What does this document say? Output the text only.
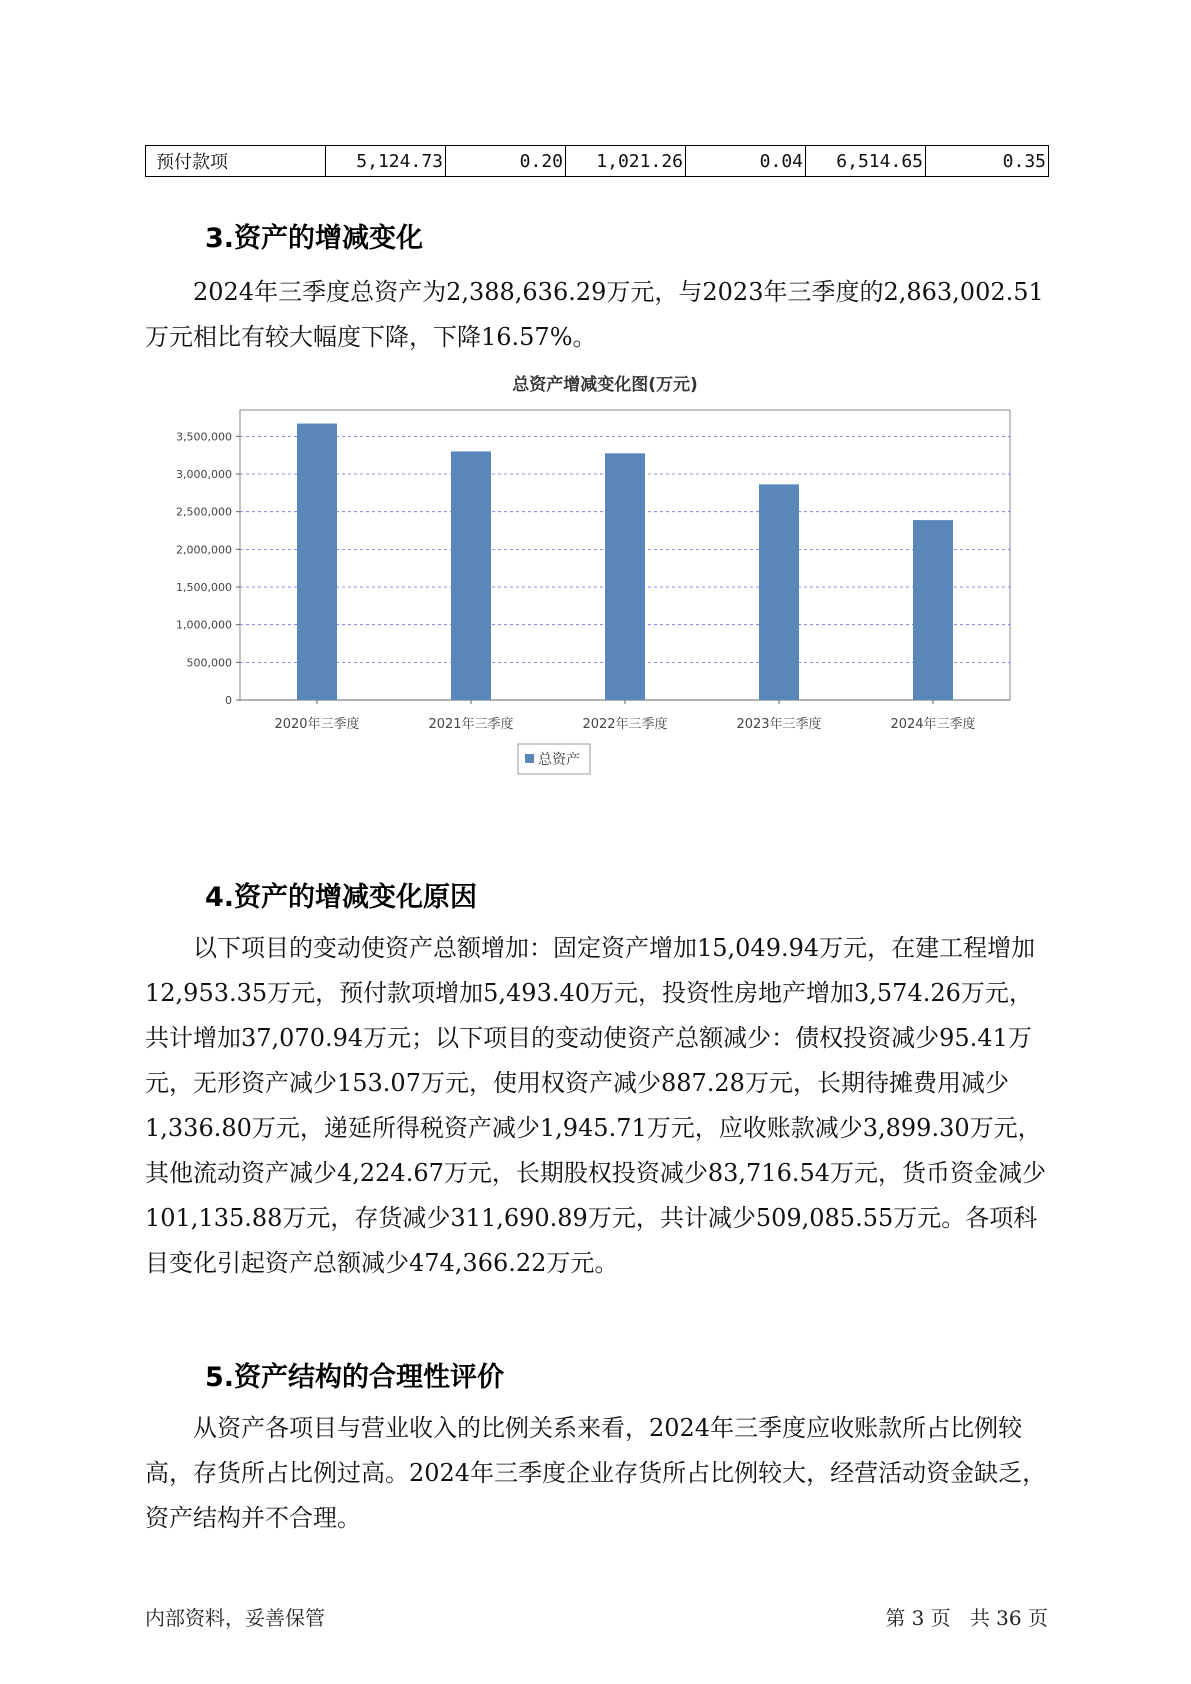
预付款项	5,124.73	0.20	1,021.26	0.04	6,514.65	0.35
3.资产的增减变化

2024年三季度总资产为2,388,636.29万元，与2023年三季度的2,863,002.51万元相比有较大幅度下降，下降16.57%。

总资产增减变化图(万元)
0
500,000
1,000,000
1,500,000
2,000,000
2,500,000
3,000,000
3,500,000
2020年三季度	2021年三季度	2022年三季度	2023年三季度	2024年三季度
总资产
4.资产的增减变化原因

以下项目的变动使资产总额增加：固定资产增加15,049.94万元，在建工程增加12,953.35万元，预付款项增加5,493.40万元，投资性房地产增加3,574.26万元，共计增加37,070.94万元；以下项目的变动使资产总额减少：债权投资减少95.41万元，无形资产减少153.07万元，使用权资产减少887.28万元，长期待摊费用减少1,336.80万元，递延所得税资产减少1,945.71万元，应收账款减少3,899.30万元，其他流动资产减少4,224.67万元，长期股权投资减少83,716.54万元，货币资金减少101,135.88万元，存货减少311,690.89万元，共计减少509,085.55万元。各项科目变化引起资产总额减少474,366.22万元。

5.资产结构的合理性评价

从资产各项目与营业收入的比例关系来看，2024年三季度应收账款所占比例较高，存货所占比例过高。2024年三季度企业存货所占比例较大，经营活动资金缺乏，资产结构并不合理。

内部资料，妥善保管	第 3 页   共 36 页
